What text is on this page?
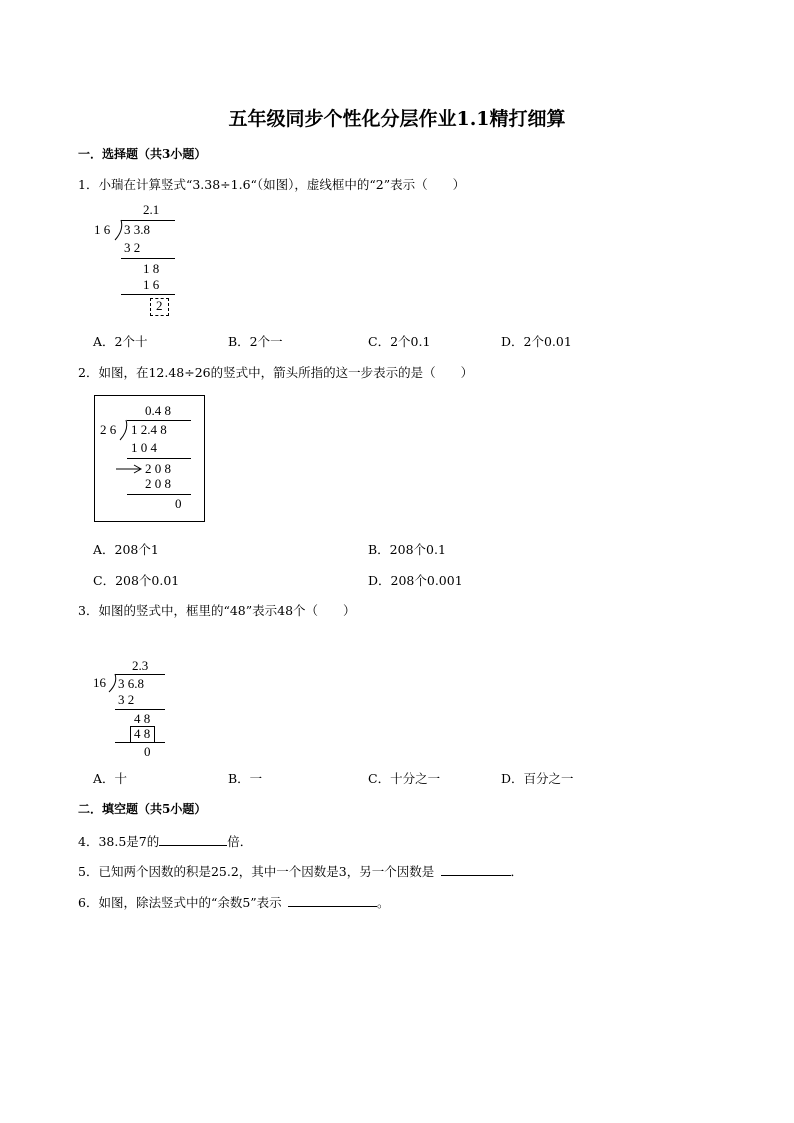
五年级同步个性化分层作业1.1精打细算
一．选择题（共3小题）
1．小瑞在计算竖式“3.38÷1.6“（如图），虚线框中的“2”表示（　　）
2.1
1 6 3 3.8
3 2
1 8
1 6
2
A．2个十	B．2个一	C．2个0.1	D．2个0.01
2．如图，在12.48÷26的竖式中，箭头所指的这一步表示的是（　　）
0.4 8
2 6 1 2.4 8
1 0 4
2 0 8
2 0 8
0
A．208个1	B．208个0.1
C．208个0.01	D．208个0.001
3．如图的竖式中，框里的“48”表示48个（　　）
2.3
16 3 6.8
3 2
4 8
4 8
0
A．十	B．一	C．十分之一	D．百分之一
二．填空题（共5小题）
4．38.5是7的	倍．
5．已知两个因数的积是25.2，其中一个因数是3，另一个因数是 	．
6．如图，除法竖式中的“余数5”表示 	。
